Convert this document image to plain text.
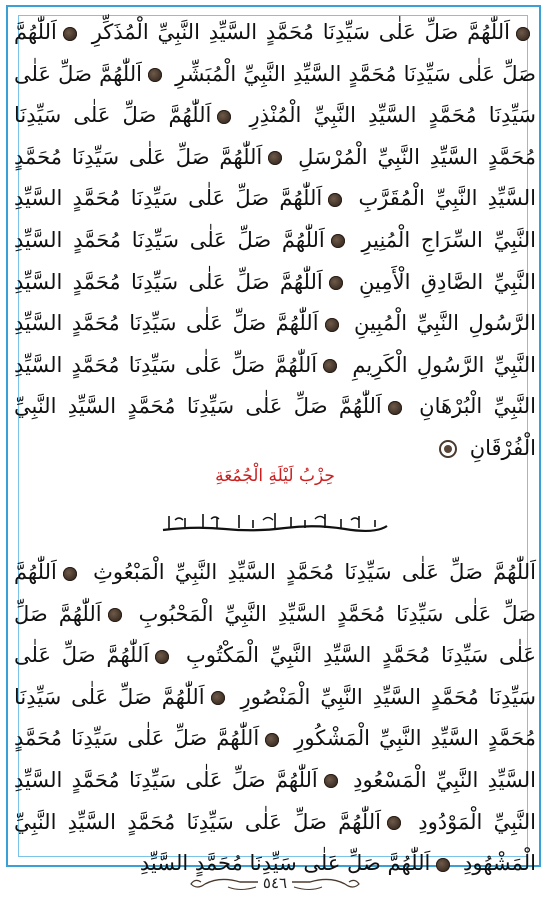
اَللّٰهُمَّ صَلِّ عَلٰى سَيِّدِنَا مُحَمَّدٍ السَّيِّدِ النَّبِيِّ الْمُذَكِّرِ اَللّٰهُمَّ صَلِّ عَلٰى سَيِّدِنَا مُحَمَّدٍ السَّيِّدِ النَّبِيِّ الْمُبَشِّرِ اَللّٰهُمَّ صَلِّ عَلٰى سَيِّدِنَا مُحَمَّدٍ السَّيِّدِ النَّبِيِّ الْمُنْذِرِ اَللّٰهُمَّ صَلِّ عَلٰى سَيِّدِنَا مُحَمَّدٍ السَّيِّدِ النَّبِيِّ الْمُرْسَلِ اَللّٰهُمَّ صَلِّ عَلٰى سَيِّدِنَا مُحَمَّدٍ السَّيِّدِ النَّبِيِّ الْمُقَرَّبِ اَللّٰهُمَّ صَلِّ عَلٰى سَيِّدِنَا مُحَمَّدٍ السَّيِّدِ النَّبِيِّ السِّرَاجِ الْمُنِيرِ اَللّٰهُمَّ صَلِّ عَلٰى سَيِّدِنَا مُحَمَّدٍ السَّيِّدِ النَّبِيِّ الصَّادِقِ الْأَمِينِ اَللّٰهُمَّ صَلِّ عَلٰى سَيِّدِنَا مُحَمَّدٍ السَّيِّدِ الرَّسُولِ النَّبِيِّ الْمُبِينِ اَللّٰهُمَّ صَلِّ عَلٰى سَيِّدِنَا مُحَمَّدٍ السَّيِّدِ النَّبِيِّ الرَّسُولِ الْكَرِيمِ اَللّٰهُمَّ صَلِّ عَلٰى سَيِّدِنَا مُحَمَّدٍ السَّيِّدِ النَّبِيِّ الْبُرْهَانِ اَللّٰهُمَّ صَلِّ عَلٰى سَيِّدِنَا مُحَمَّدٍ السَّيِّدِ النَّبِيِّ الْفُرْقَانِ
حِزْبُ لَيْلَةِ الْجُمُعَةِ
بِسْمِ اللّٰهِ الرَّحْمٰنِ الرَّحِيمِ
اَللّٰهُمَّ صَلِّ عَلٰى سَيِّدِنَا مُحَمَّدٍ السَّيِّدِ النَّبِيِّ الْمَبْعُوثِ اَللّٰهُمَّ صَلِّ عَلٰى سَيِّدِنَا مُحَمَّدٍ السَّيِّدِ النَّبِيِّ الْمَحْبُوبِ اَللّٰهُمَّ صَلِّ عَلٰى سَيِّدِنَا مُحَمَّدٍ السَّيِّدِ النَّبِيِّ الْمَكْتُوبِ اَللّٰهُمَّ صَلِّ عَلٰى سَيِّدِنَا مُحَمَّدٍ السَّيِّدِ النَّبِيِّ الْمَنْصُورِ اَللّٰهُمَّ صَلِّ عَلٰى سَيِّدِنَا مُحَمَّدٍ السَّيِّدِ النَّبِيِّ الْمَشْكُورِ اَللّٰهُمَّ صَلِّ عَلٰى سَيِّدِنَا مُحَمَّدٍ السَّيِّدِ النَّبِيِّ الْمَسْعُودِ اَللّٰهُمَّ صَلِّ عَلٰى سَيِّدِنَا مُحَمَّدٍ السَّيِّدِ النَّبِيِّ الْمَوْدُودِ اَللّٰهُمَّ صَلِّ عَلٰى سَيِّدِنَا مُحَمَّدٍ السَّيِّدِ النَّبِيِّ الْمَشْهُودِ اَللّٰهُمَّ صَلِّ عَلٰى سَيِّدِنَا مُحَمَّدٍ السَّيِّدِ
٥٤٦
